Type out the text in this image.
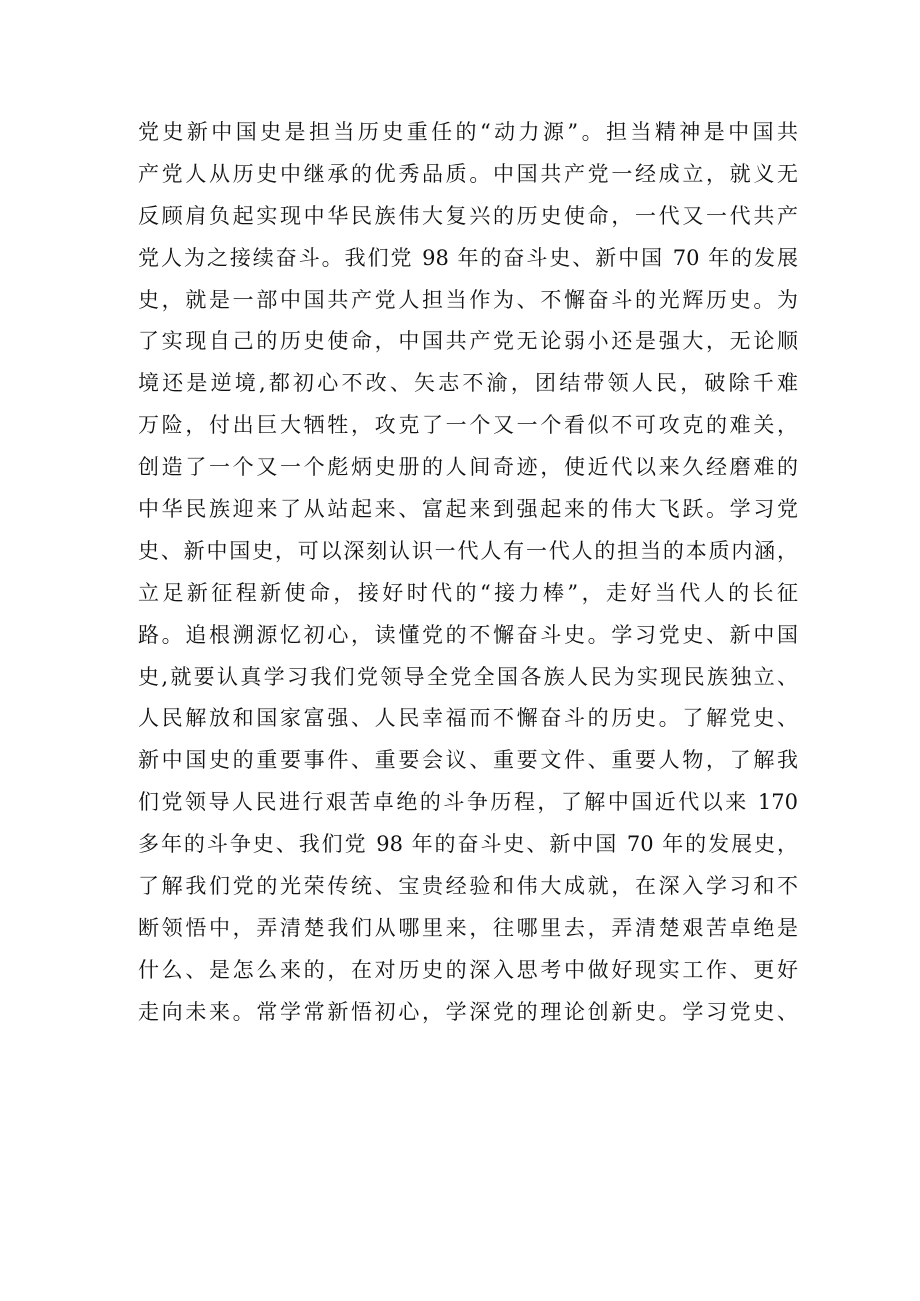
党史新中国史是担当历史重任的“动力源”。担当精神是中国共
产党人从历史中继承的优秀品质。中国共产党一经成立，就义无
反顾肩负起实现中华民族伟大复兴的历史使命，一代又一代共产
党人为之接续奋斗。我们党 98 年的奋斗史、新中国 70 年的发展
史，就是一部中国共产党人担当作为、不懈奋斗的光辉历史。为
了实现自己的历史使命，中国共产党无论弱小还是强大，无论顺
境还是逆境,都初心不改、矢志不渝，团结带领人民，破除千难
万险，付出巨大牺牲，攻克了一个又一个看似不可攻克的难关，
创造了一个又一个彪炳史册的人间奇迹，使近代以来久经磨难的
中华民族迎来了从站起来、富起来到强起来的伟大飞跃。学习党
史、新中国史，可以深刻认识一代人有一代人的担当的本质内涵，
立足新征程新使命，接好时代的“接力棒”，走好当代人的长征
路。追根溯源忆初心，读懂党的不懈奋斗史。学习党史、新中国
史,就要认真学习我们党领导全党全国各族人民为实现民族独立、
人民解放和国家富强、人民幸福而不懈奋斗的历史。了解党史、
新中国史的重要事件、重要会议、重要文件、重要人物，了解我
们党领导人民进行艰苦卓绝的斗争历程，了解中国近代以来 170
多年的斗争史、我们党 98 年的奋斗史、新中国 70 年的发展史，
了解我们党的光荣传统、宝贵经验和伟大成就，在深入学习和不
断领悟中，弄清楚我们从哪里来，往哪里去，弄清楚艰苦卓绝是
什么、是怎么来的，在对历史的深入思考中做好现实工作、更好
走向未来。常学常新悟初心，学深党的理论创新史。学习党史、
